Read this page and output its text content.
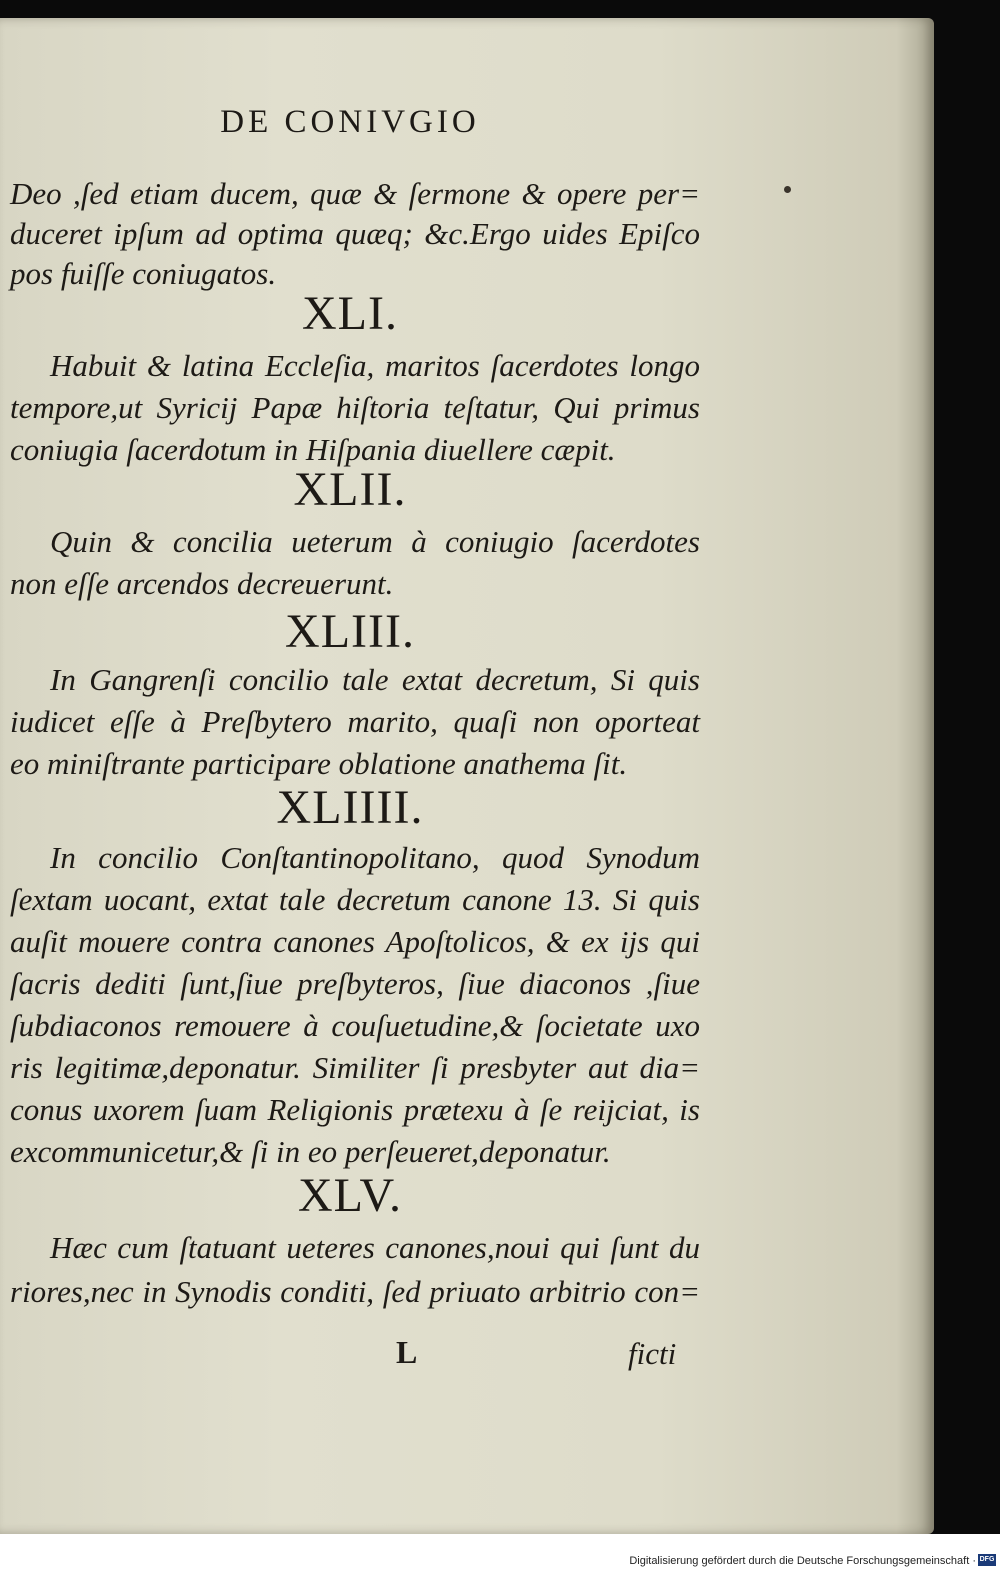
DE CONIVGIO
Deo ,ſed etiam ducem, quæ & ſermone & opere per=
duceret ipſum ad optima quæq; &c.Ergo uides Epiſco
pos fuiſſe coniugatos.
XLI.
Habuit & latina Eccleſia, maritos ſacerdotes longo
tempore,ut Syricij Papæ hiſtoria teſtatur, Qui primus
coniugia ſacerdotum in Hiſpania diuellere cæpit.
XLII.
Quin & concilia ueterum à coniugio ſacerdotes
non eſſe arcendos decreuerunt.
XLIII.
In Gangrenſi concilio tale extat decretum, Si quis
iudicet eſſe à Preſbytero marito, quaſi non oporteat
eo miniſtrante participare oblatione anathema ſit.
XLIIII.
In concilio Conſtantinopolitano, quod Synodum
ſextam uocant, extat tale decretum canone 13. Si quis
auſit mouere contra canones Apoſtolicos, & ex ijs qui
ſacris dediti ſunt,ſiue preſbyteros, ſiue diaconos ,ſiue
ſubdiaconos remouere à couſuetudine,& ſocietate uxo
ris legitimæ,deponatur. Similiter ſi presbyter aut dia=
conus uxorem ſuam Religionis prætexu à ſe reijciat, is
excommunicetur,& ſi in eo perſeueret,deponatur.
XLV.
Hæc cum ſtatuant ueteres canones,noui qui ſunt du
riores,nec in Synodis conditi, ſed priuato arbitrio con=
L	ficti
Digitalisierung gefördert durch die Deutsche Forschungsgemeinschaft · DFG
